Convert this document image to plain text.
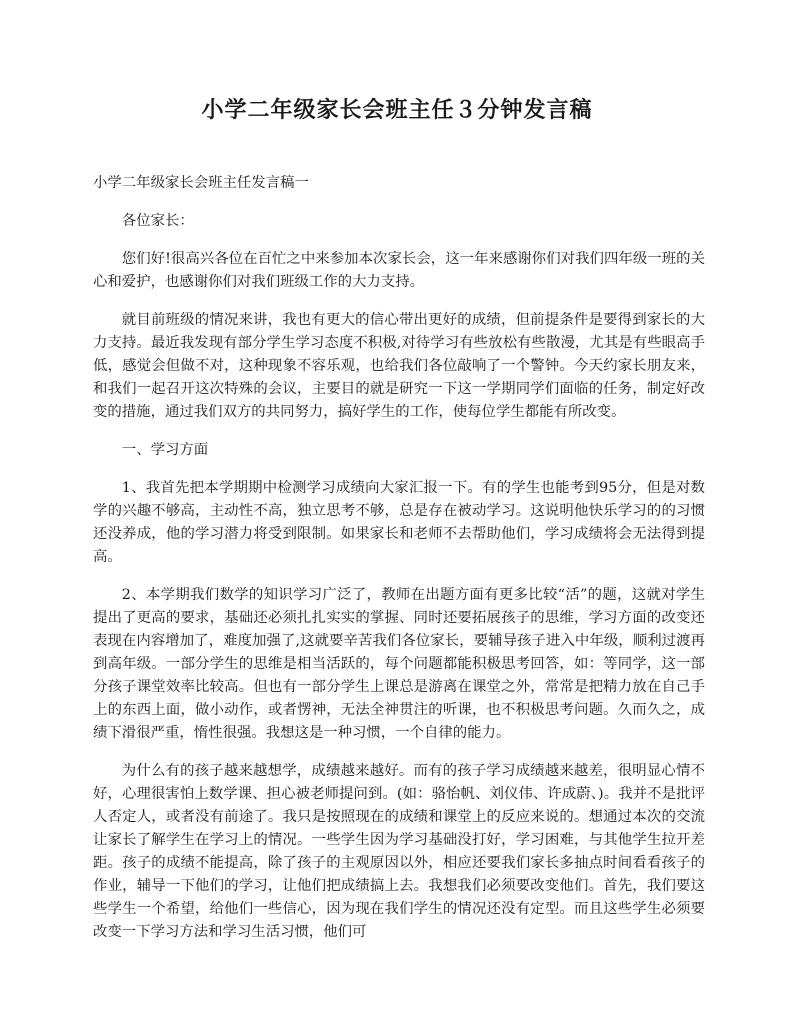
小学二年级家长会班主任３分钟发言稿

小学二年级家长会班主任发言稿一

各位家长：

您们好!很高兴各位在百忙之中来参加本次家长会，这一年来感谢你们对我们四年级一班的关心和爱护，也感谢你们对我们班级工作的大力支持。

就目前班级的情况来讲，我也有更大的信心带出更好的成绩，但前提条件是要得到家长的大力支持。最近我发现有部分学生学习态度不积极,对待学习有些放松有些散漫，尤其是有些眼高手低，感觉会但做不对，这种现象不容乐观，也给我们各位敲响了一个警钟。今天约家长朋友来，和我们一起召开这次特殊的会议，主要目的就是研究一下这一学期同学们面临的任务，制定好改变的措施，通过我们双方的共同努力，搞好学生的工作，使每位学生都能有所改变。

一、学习方面

1、我首先把本学期期中检测学习成绩向大家汇报一下。有的学生也能考到95分，但是对数学的兴趣不够高，主动性不高，独立思考不够，总是存在被动学习。这说明他快乐学习的的习惯还没养成，他的学习潜力将受到限制。如果家长和老师不去帮助他们，学习成绩将会无法得到提高。

2、本学期我们数学的知识学习广泛了，教师在出题方面有更多比较“活”的题，这就对学生提出了更高的要求，基础还必须扎扎实实的掌握、同时还要拓展孩子的思维，学习方面的改变还表现在内容增加了，难度加强了,这就要辛苦我们各位家长，要辅导孩子进入中年级，顺利过渡再到高年级。一部分学生的思维是相当活跃的，每个问题都能积极思考回答，如：等同学，这一部分孩子课堂效率比较高。但也有一部分学生上课总是游离在课堂之外，常常是把精力放在自己手上的东西上面，做小动作，或者愣神，无法全神贯注的听课，也不积极思考问题。久而久之，成绩下滑很严重，惰性很强。我想这是一种习惯，一个自律的能力。

为什么有的孩子越来越想学，成绩越来越好。而有的孩子学习成绩越来越差，很明显心情不好，心理很害怕上数学课、担心被老师提问到。(如：骆怡帆、刘仪伟、许成蔚、)。我并不是批评人否定人，或者没有前途了。我只是按照现在的成绩和课堂上的反应来说的。想通过本次的交流让家长了解学生在学习上的情况。一些学生因为学习基础没打好，学习困难，与其他学生拉开差距。孩子的成绩不能提高，除了孩子的主观原因以外，相应还要我们家长多抽点时间看看孩子的作业，辅导一下他们的学习，让他们把成绩搞上去。我想我们必须要改变他们。首先，我们要这些学生一个希望，给他们一些信心，因为现在我们学生的情况还没有定型。而且这些学生必须要改变一下学习方法和学习生活习惯，他们可
